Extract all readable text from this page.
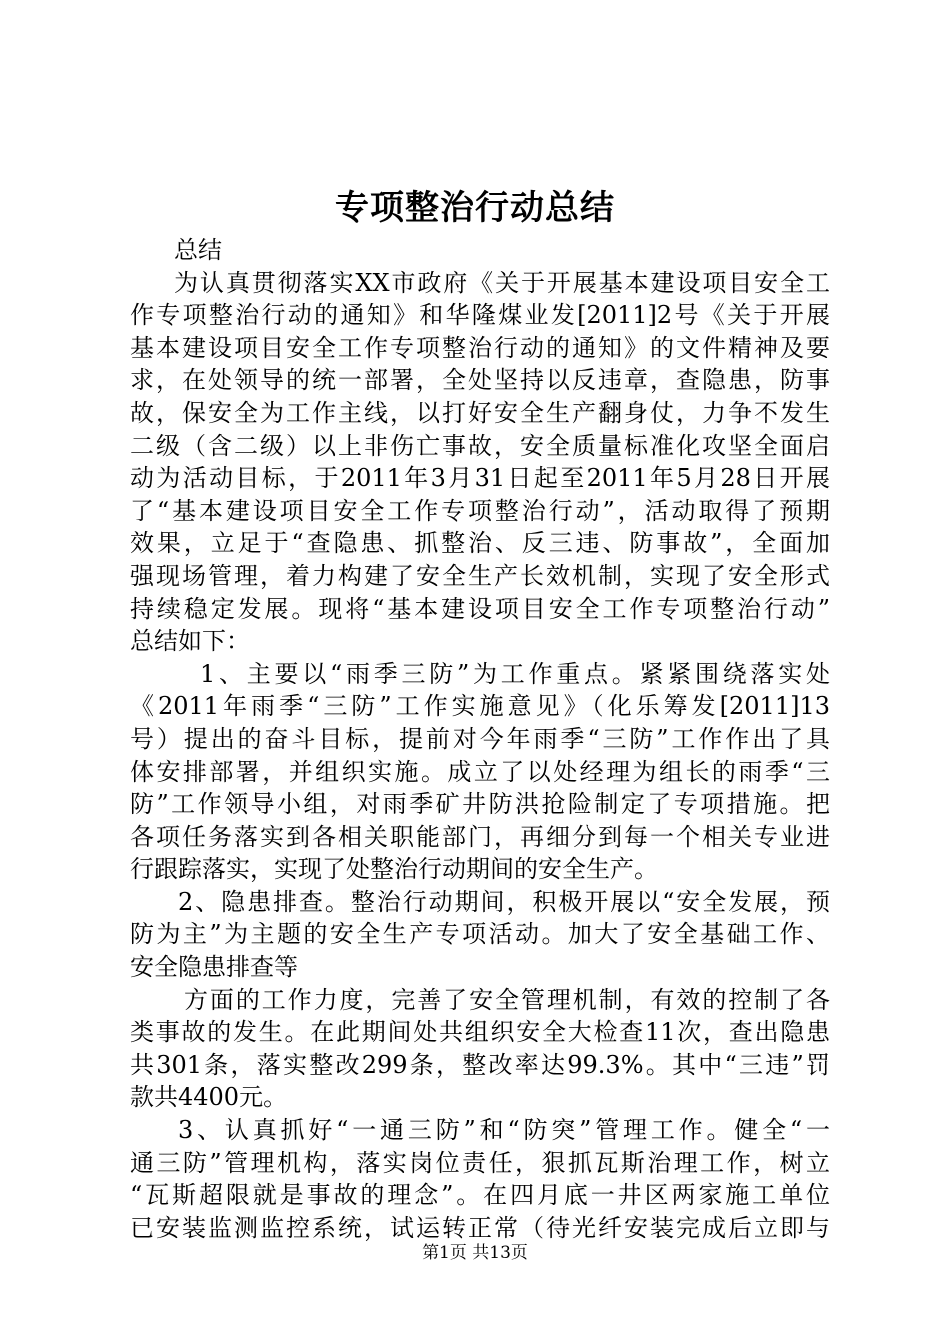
专项整治行动总结
总结
为认真贯彻落实XX市政府《关于开展基本建设项目安全工
作专项整治行动的通知》和华隆煤业发[2011]2号《关于开展
基本建设项目安全工作专项整治行动的通知》的文件精神及要
求，在处领导的统一部署，全处坚持以反违章，查隐患，防事
故，保安全为工作主线，以打好安全生产翻身仗，力争不发生
二级（含二级）以上非伤亡事故，安全质量标准化攻坚全面启
动为活动目标，于2011年3月31日起至2011年5月28日开展
了“基本建设项目安全工作专项整治行动”，活动取得了预期
效果，立足于“查隐患、抓整治、反三违、防事故”，全面加
强现场管理，着力构建了安全生产长效机制，实现了安全形式
持续稳定发展。现将“基本建设项目安全工作专项整治行动”
总结如下：
1、主要以“雨季三防”为工作重点。紧紧围绕落实处
《2011年雨季“三防”工作实施意见》（化乐筹发[2011]13
号）提出的奋斗目标，提前对今年雨季“三防”工作作出了具
体安排部署，并组织实施。成立了以处经理为组长的雨季“三
防”工作领导小组，对雨季矿井防洪抢险制定了专项措施。把
各项任务落实到各相关职能部门，再细分到每一个相关专业进
行跟踪落实，实现了处整治行动期间的安全生产。
2、隐患排查。整治行动期间，积极开展以“安全发展，预
防为主”为主题的安全生产专项活动。加大了安全基础工作、
安全隐患排查等
方面的工作力度，完善了安全管理机制，有效的控制了各
类事故的发生。在此期间处共组织安全大检查11次，查出隐患
共301条，落实整改299条，整改率达99.3%。其中“三违”罚
款共4400元。
3、认真抓好“一通三防”和“防突”管理工作。健全“一
通三防”管理机构，落实岗位责任，狠抓瓦斯治理工作，树立
“瓦斯超限就是事故的理念”。在四月底一井区两家施工单位
已安装监测监控系统，试运转正常（待光纤安装完成后立即与
第1页 共13页
